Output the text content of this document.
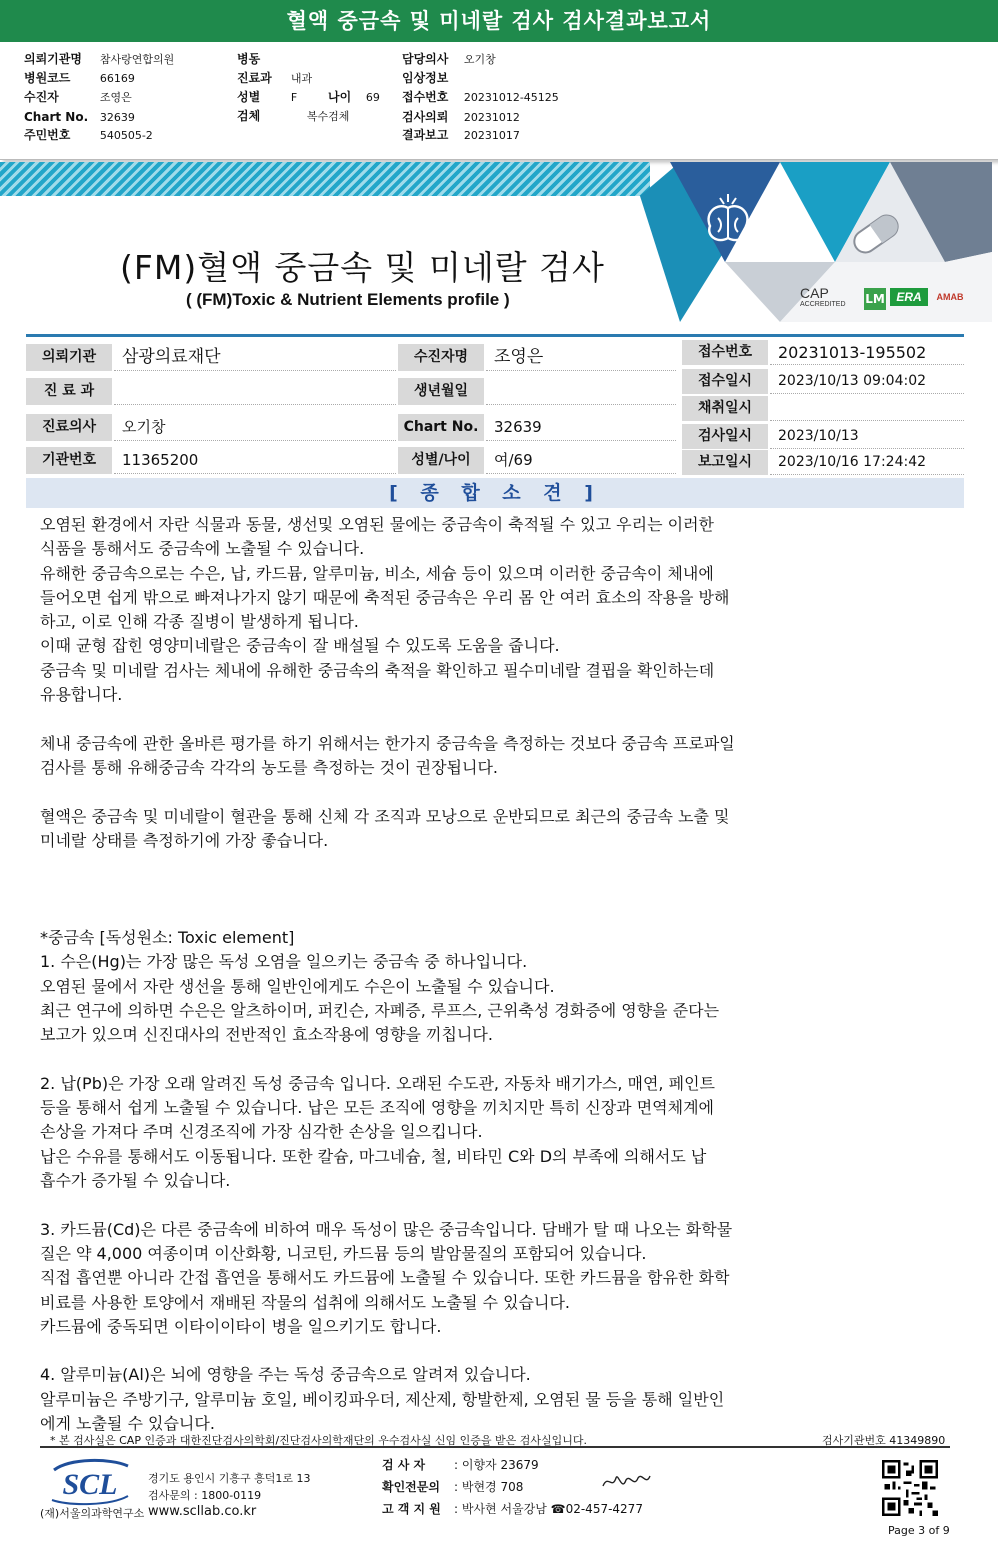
혈액 중금속 및 미네랄 검사 검사결과보고서
의뢰기관명 참사랑연합의원
병원코드	66169
수진자	조영은
Chart No. 32639
주민번호	540505-2
병동
진료과 내과
성별	F	나이 69
검체	복수검체
담당의사 오기창
임상정보
접수번호 20231012-45125
검사의뢰 20231012
결과보고 20231017
CAP
ACCREDITED	LM ERA	AMAB
(FM)혈액 중금속 및 미네랄 검사
( (FM)Toxic & Nutrient Elements profile )
의뢰기관	삼광의료재단
진 료 과
진료의사	오기창
기관번호	11365200
수진자명	조영은
생년월일
Chart No.	32639
성별/나이	여/69
접수번호	20231013-195502
접수일시	2023/10/13 09:04:02
채취일시
검사일시	2023/10/13
보고일시	2023/10/16 17:24:42
[ 종 합 소 견 ]

오염된 환경에서 자란 식물과 동물, 생선및 오염된 물에는 중금속이 축적될 수 있고 우리는 이러한

식품을 통해서도 중금속에 노출될 수 있습니다.

유해한 중금속으로는 수은, 납, 카드뮴, 알루미늄, 비소, 세슘 등이 있으며 이러한 중금속이 체내에

들어오면 쉽게 밖으로 빠져나가지 않기 때문에 축적된 중금속은 우리 몸 안 여러 효소의 작용을 방해

하고, 이로 인해 각종 질병이 발생하게 됩니다.

이때 균형 잡힌 영양미네랄은 중금속이 잘 배설될 수 있도록 도움을 줍니다.

중금속 및 미네랄 검사는 체내에 유해한 중금속의 축적을 확인하고 필수미네랄 결핍을 확인하는데

유용합니다.

체내 중금속에 관한 올바른 평가를 하기 위해서는 한가지 중금속을 측정하는 것보다 중금속 프로파일

검사를 통해 유해중금속 각각의 농도를 측정하는 것이 권장됩니다.

혈액은 중금속 및 미네랄이 혈관을 통해 신체 각 조직과 모낭으로 운반되므로 최근의 중금속 노출 및

미네랄 상태를 측정하기에 가장 좋습니다.

*중금속 [독성원소: Toxic element]

1. 수은(Hg)는 가장 많은 독성 오염을 일으키는 중금속 중 하나입니다.

오염된 물에서 자란 생선을 통해 일반인에게도 수은이 노출될 수 있습니다.

최근 연구에 의하면 수은은 알츠하이머, 퍼킨슨, 자폐증, 루프스, 근위축성 경화증에 영향을 준다는

보고가 있으며 신진대사의 전반적인 효소작용에 영향을 끼칩니다.

2. 납(Pb)은 가장 오래 알려진 독성 중금속 입니다. 오래된 수도관, 자동차 배기가스, 매연, 페인트

등을 통해서 쉽게 노출될 수 있습니다. 납은 모든 조직에 영향을 끼치지만 특히 신장과 면역체계에

손상을 가져다 주며 신경조직에 가장 심각한 손상을 일으킵니다.

납은 수유를 통해서도 이동됩니다. 또한 칼슘, 마그네슘, 철, 비타민 C와 D의 부족에 의해서도 납

흡수가 증가될 수 있습니다.

3. 카드뮴(Cd)은 다른 중금속에 비하여 매우 독성이 많은 중금속입니다. 담배가 탈 때 나오는 화학물

질은 약 4,000 여종이며 이산화황, 니코틴, 카드뮴 등의 발암물질의 포함되어 있습니다.

직접 흡연뿐 아니라 간접 흡연을 통해서도 카드뮴에 노출될 수 있습니다. 또한 카드뮴을 함유한 화학

비료를 사용한 토양에서 재배된 작물의 섭취에 의해서도 노출될 수 있습니다.

카드뮴에 중독되면 이타이이타이 병을 일으키기도 합니다.

4. 알루미늄(Al)은 뇌에 영향을 주는 독성 중금속으로 알려져 있습니다.

알루미늄은 주방기구, 알루미늄 호일, 베이킹파우더, 제산제, 항발한제, 오염된 물 등을 통해 일반인

에게 노출될 수 있습니다.

* 본 검사실은 CAP 인증과 대한진단검사의학회/진단검사의학재단의 우수검사실 신임 인증을 받은 검사실입니다.	검사기관번호 41349890
SCL
(재)서울의과학연구소
경기도 용인시 기흥구 흥덕1로 13
검사문의 : 1800-0119
www.scllab.co.kr
검 사 자 : 이향자 23679
확인전문의 : 박현경 708
고 객 지 원 : 박사현 서울강남 ☎02-457-4277
Page 3 of 9
